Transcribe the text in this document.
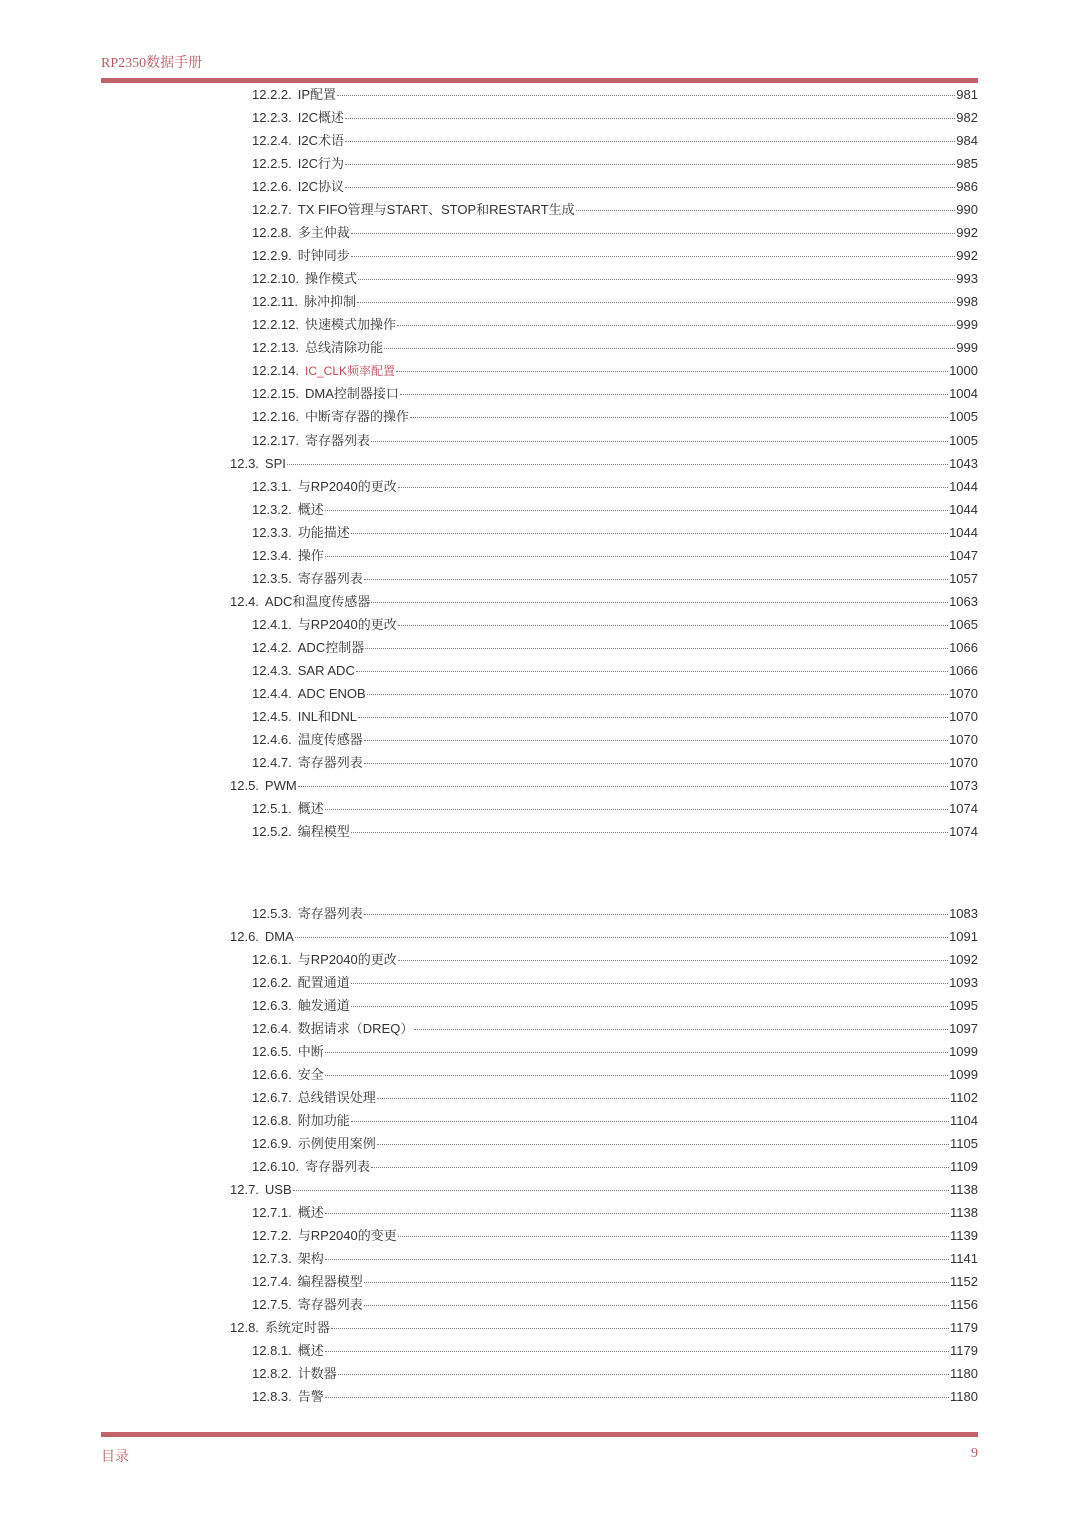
RP2350数据手册
12.2.2. IP配置	981
12.2.3. I2C概述	982
12.2.4. I2C术语	984
12.2.5. I2C行为	985
12.2.6. I2C协议	986
12.2.7. TX FIFO管理与START、STOP和RESTART生成	990
12.2.8. 多主仲裁	992
12.2.9. 时钟同步	992
12.2.10. 操作模式	993
12.2.11. 脉冲抑制	998
12.2.12. 快速模式加操作	999
12.2.13. 总线清除功能	999
12.2.14. IC_CLK频率配置	1000
12.2.15. DMA控制器接口	1004
12.2.16. 中断寄存器的操作	1005
12.2.17. 寄存器列表	1005
12.3. SPI	1043
12.3.1. 与RP2040的更改	1044
12.3.2. 概述	1044
12.3.3. 功能描述	1044
12.3.4. 操作	1047
12.3.5. 寄存器列表	1057
12.4. ADC和温度传感器	1063
12.4.1. 与RP2040的更改	1065
12.4.2. ADC控制器	1066
12.4.3. SAR ADC	1066
12.4.4. ADC ENOB	1070
12.4.5. INL和DNL	1070
12.4.6. 温度传感器	1070
12.4.7. 寄存器列表	1070
12.5. PWM	1073
12.5.1. 概述	1074
12.5.2. 编程模型	1074
12.5.3. 寄存器列表	1083
12.6. DMA	1091
12.6.1. 与RP2040的更改	1092
12.6.2. 配置通道	1093
12.6.3. 触发通道	1095
12.6.4. 数据请求（DREQ）	1097
12.6.5. 中断	1099
12.6.6. 安全	1099
12.6.7. 总线错误处理	1102
12.6.8. 附加功能	1104
12.6.9. 示例使用案例	1105
12.6.10. 寄存器列表	1109
12.7. USB	1138
12.7.1. 概述	1138
12.7.2. 与RP2040的变更	1139
12.7.3. 架构	1141
12.7.4. 编程器模型	1152
12.7.5. 寄存器列表	1156
12.8. 系统定时器	1179
12.8.1. 概述	1179
12.8.2. 计数器	1180
12.8.3. 告警	1180
目录	9
